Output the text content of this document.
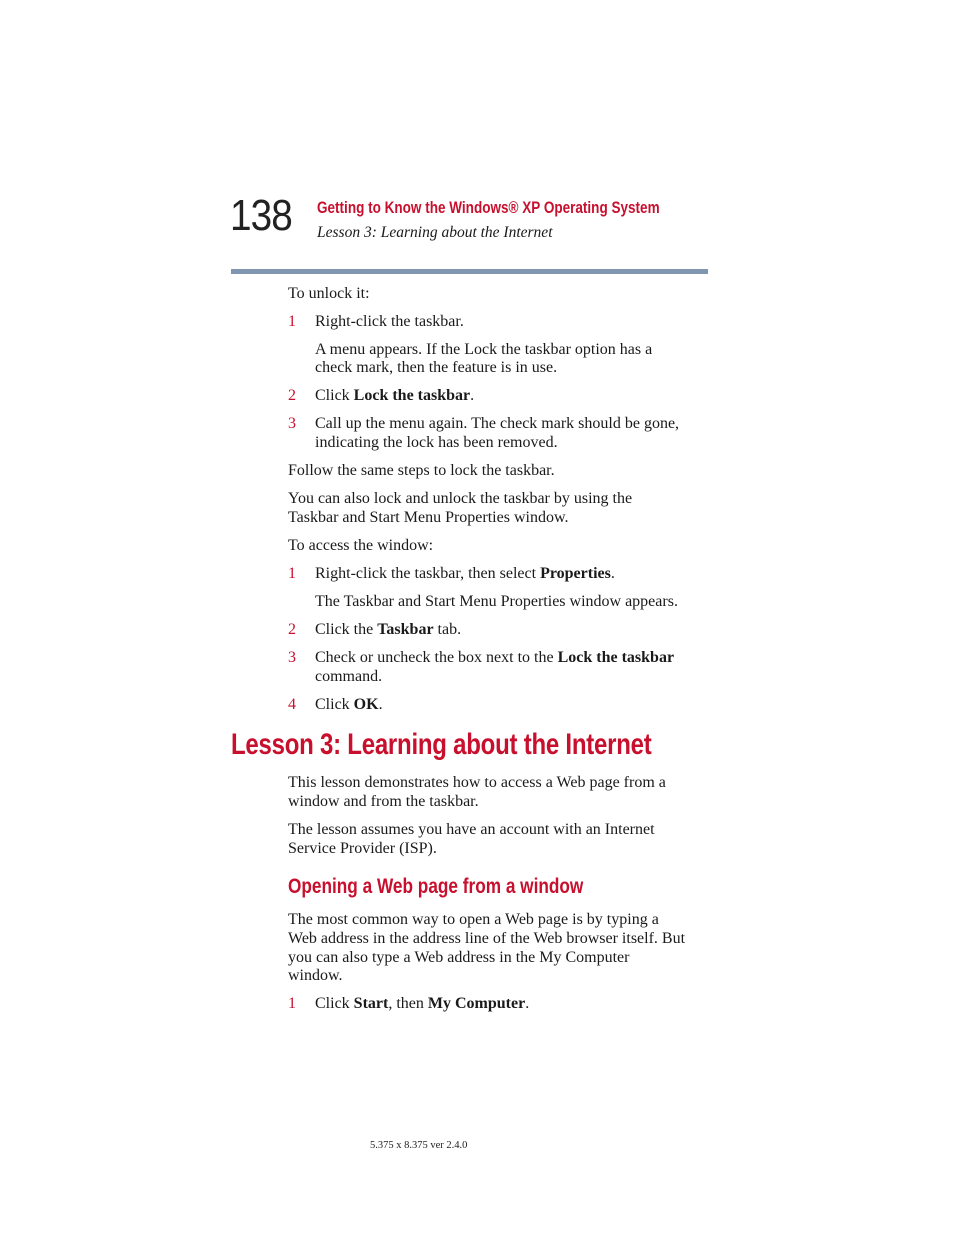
138 Getting to Know the Windows® XP Operating System
Lesson 3: Learning about the Internet
To unlock it:
1 Right-click the taskbar.
A menu appears. If the Lock the taskbar option has a
check mark, then the feature is in use.
2 Click Lock the taskbar.
3 Call up the menu again. The check mark should be gone,
indicating the lock has been removed.
Follow the same steps to lock the taskbar.
You can also lock and unlock the taskbar by using the
Taskbar and Start Menu Properties window.
To access the window:
1 Right-click the taskbar, then select Properties.
The Taskbar and Start Menu Properties window appears.
2 Click the Taskbar tab.
3 Check or uncheck the box next to the Lock the taskbar
command.
4 Click OK.
Lesson 3: Learning about the Internet
This lesson demonstrates how to access a Web page from a
window and from the taskbar.
The lesson assumes you have an account with an Internet
Service Provider (ISP).
Opening a Web page from a window
The most common way to open a Web page is by typing a
Web address in the address line of the Web browser itself. But
you can also type a Web address in the My Computer
window.
1 Click Start, then My Computer.
5.375 x 8.375 ver 2.4.0
